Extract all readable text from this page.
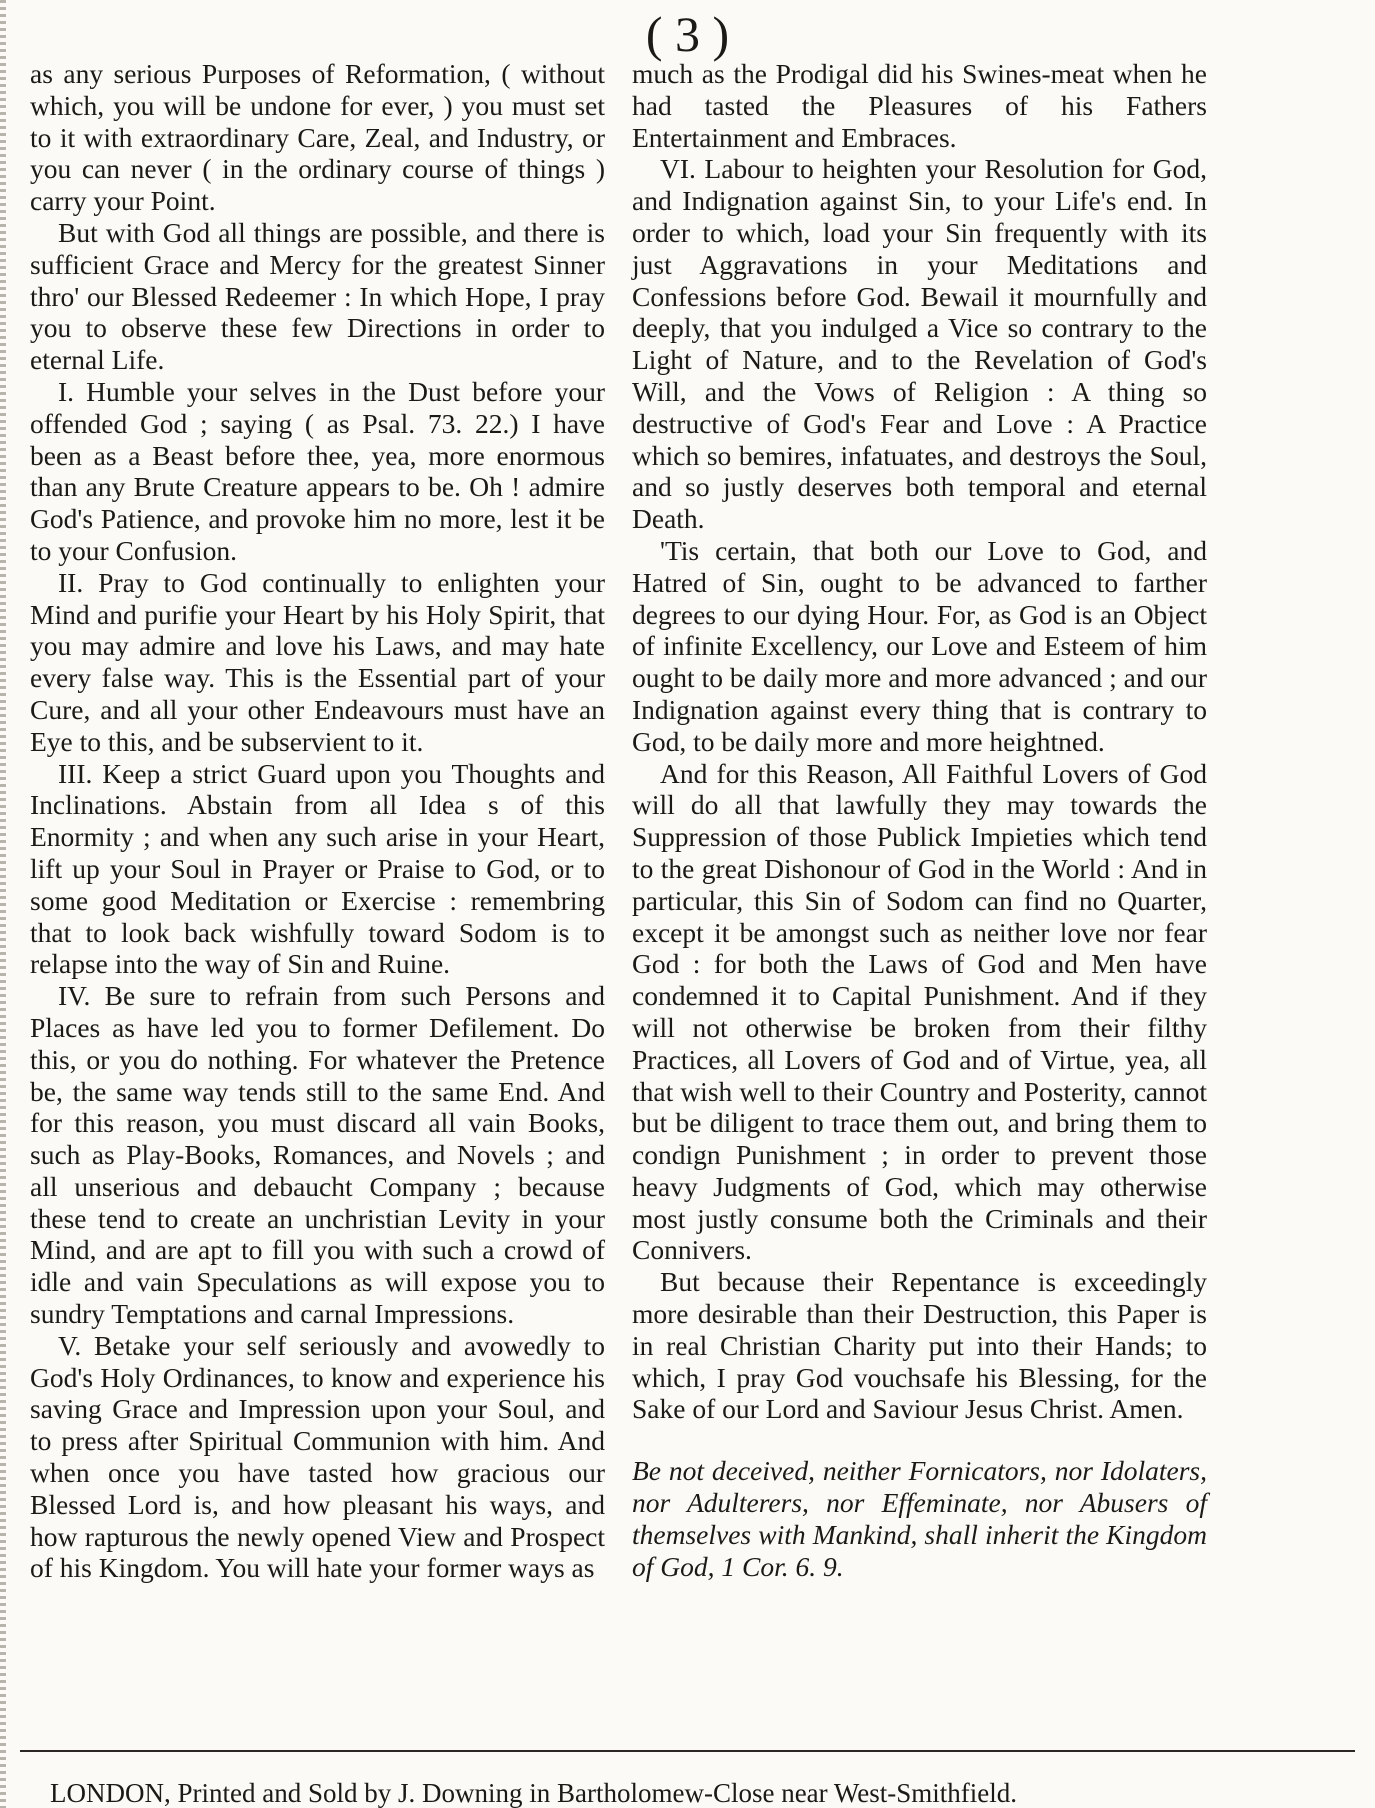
( 3 )

as any serious Purposes of Reformation, ( without which, you will be undone for ever, ) you must set to it with extraordinary Care, Zeal, and Industry, or you can never ( in the ordinary course of things ) carry your Point.

But with God all things are possible, and there is sufficient Grace and Mercy for the greatest Sinner thro' our Blessed Redeemer : In which Hope, I pray you to observe these few Directions in order to eternal Life.

I. Humble your selves in the Dust before your offended God ; saying ( as Psal. 73. 22.) I have been as a Beast before thee, yea, more enormous than any Brute Creature appears to be. Oh ! admire God's Patience, and provoke him no more, lest it be to your Confusion.

II. Pray to God continually to enlighten your Mind and purifie your Heart by his Holy Spirit, that you may admire and love his Laws, and may hate every false way. This is the Essential part of your Cure, and all your other Endeavours must have an Eye to this, and be subservient to it.

III. Keep a strict Guard upon you Thoughts and Inclinations. Abstain from all Idea s of this Enormity ; and when any such arise in your Heart, lift up your Soul in Prayer or Praise to God, or to some good Meditation or Exercise : remembring that to look back wishfully toward Sodom is to relapse into the way of Sin and Ruine.

IV. Be sure to refrain from such Persons and Places as have led you to former Defilement. Do this, or you do nothing. For whatever the Pretence be, the same way tends still to the same End. And for this reason, you must discard all vain Books, such as Play-Books, Romances, and Novels ; and all unserious and debaucht Company ; because these tend to create an unchristian Levity in your Mind, and are apt to fill you with such a crowd of idle and vain Speculations as will expose you to sundry Temptations and carnal Impressions.

V. Betake your self seriously and avowedly to God's Holy Ordinances, to know and experience his saving Grace and Impression upon your Soul, and to press after Spiritual Communion with him. And when once you have tasted how gracious our Blessed Lord is, and how pleasant his ways, and how rapturous the newly opened View and Prospect of his Kingdom. You will hate your former ways as

much as the Prodigal did his Swines-meat when he had tasted the Pleasures of his Fathers Entertainment and Embraces.

VI. Labour to heighten your Resolution for God, and Indignation against Sin, to your Life's end. In order to which, load your Sin frequently with its just Aggravations in your Meditations and Confessions before God. Bewail it mournfully and deeply, that you indulged a Vice so contrary to the Light of Nature, and to the Revelation of God's Will, and the Vows of Religion : A thing so destructive of God's Fear and Love : A Practice which so bemires, infatuates, and destroys the Soul, and so justly deserves both temporal and eternal Death.

'Tis certain, that both our Love to God, and Hatred of Sin, ought to be advanced to farther degrees to our dying Hour. For, as God is an Object of infinite Excellency, our Love and Esteem of him ought to be daily more and more advanced ; and our Indignation against every thing that is contrary to God, to be daily more and more heightned.

And for this Reason, All Faithful Lovers of God will do all that lawfully they may towards the Suppression of those Publick Impieties which tend to the great Dishonour of God in the World : And in particular, this Sin of Sodom can find no Quarter, except it be amongst such as neither love nor fear God : for both the Laws of God and Men have condemned it to Capital Punishment. And if they will not otherwise be broken from their filthy Practices, all Lovers of God and of Virtue, yea, all that wish well to their Country and Posterity, cannot but be diligent to trace them out, and bring them to condign Punishment ; in order to prevent those heavy Judgments of God, which may otherwise most justly consume both the Criminals and their Connivers.

But because their Repentance is exceedingly more desirable than their Destruction, this Paper is in real Christian Charity put into their Hands; to which, I pray God vouchsafe his Blessing, for the Sake of our Lord and Saviour Jesus Christ. Amen.

Be not deceived, neither Fornicators, nor Idolaters, nor Adulterers, nor Effeminate, nor Abusers of themselves with Mankind, shall inherit the Kingdom of God, 1 Cor. 6. 9.

LONDON, Printed and Sold by J. Downing in Bartholomew-Close near West-Smithfield.
